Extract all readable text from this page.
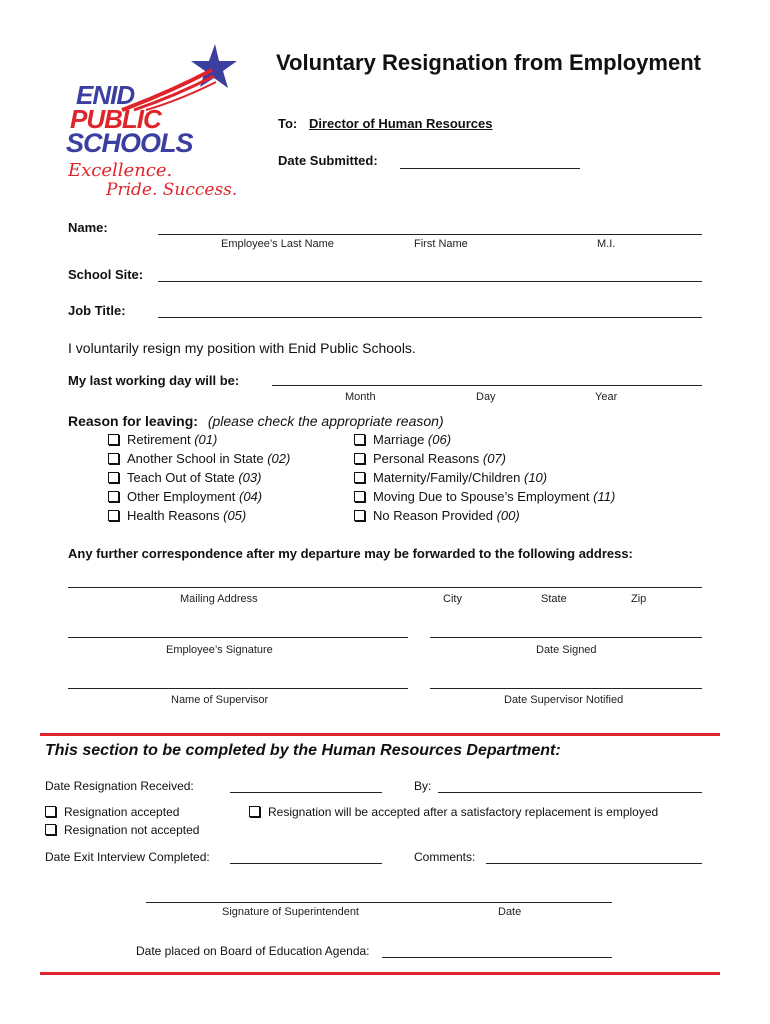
ENID
PUBLIC
SCHOOLS
Excellence.
Pride. Success.
Voluntary Resignation from Employment
To: Director of Human Resources
Date Submitted:
Name:
Employee’s Last Name	First Name	M.I.
School Site:
Job Title:
I voluntarily resign my position with Enid Public Schools.
My last working day will be:
Month	Day	Year
Reason for leaving: (please check the appropriate reason)
Retirement (01)
Another School in State (02)
Teach Out of State (03)
Other Employment (04)
Health Reasons (05)
Marriage (06)
Personal Reasons (07)
Maternity/Family/Children (10)
Moving Due to Spouse’s Employment (11)
No Reason Provided (00)
Any further correspondence after my departure may be forwarded to the following address:
Mailing Address	City	State	Zip
Employee’s Signature	Date Signed
Name of Supervisor	Date Supervisor Notified
This section to be completed by the Human Resources Department:
Date Resignation Received:	By:
Resignation accepted
Resignation not accepted
Resignation will be accepted after a satisfactory replacement is employed
Date Exit Interview Completed:	Comments:
Signature of Superintendent	Date
Date placed on Board of Education Agenda:
